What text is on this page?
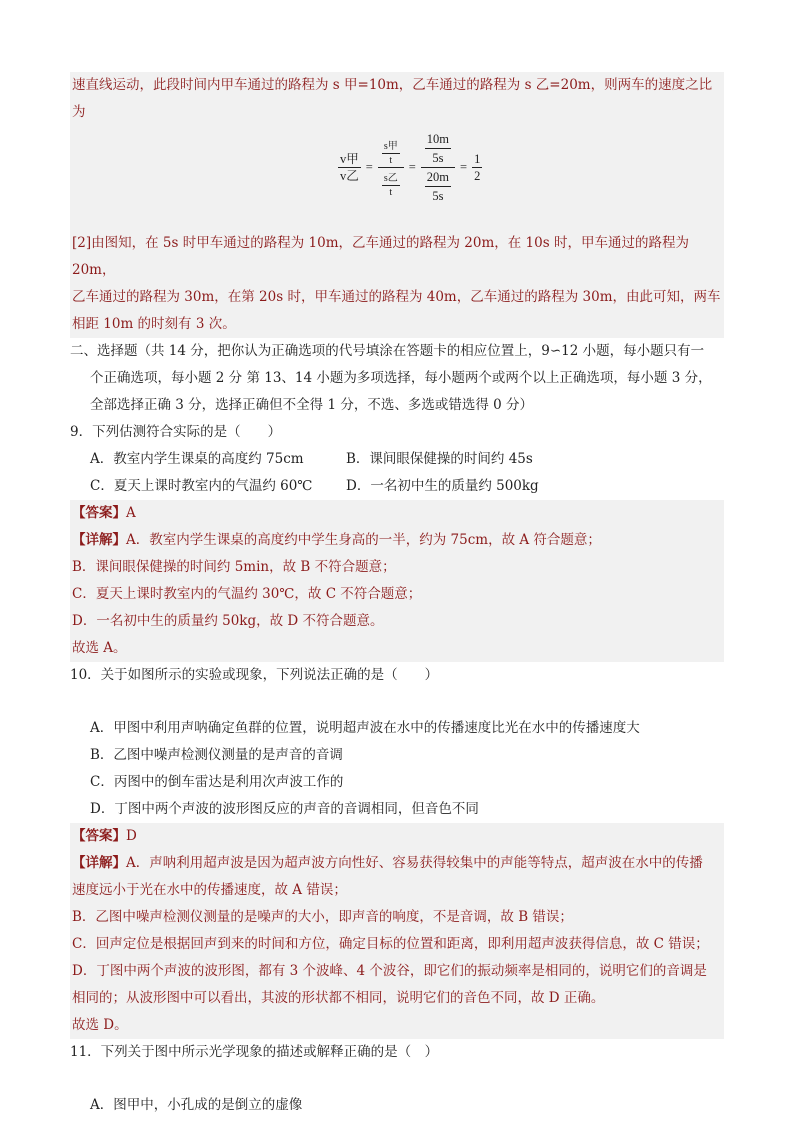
速直线运动，此段时间内甲车通过的路程为 s 甲=10m，乙车通过的路程为 s 乙=20m，则两车的速度之比为

$\frac{\text{v甲}}{\text{v乙}} = \frac{\frac{\text{s甲}}{t}}{\frac{\text{s乙}}{t}} = \frac{\frac{10m}{5s}}{\frac{20m}{5s}} = \frac{1}{2}$

[2]由图知，在 5s 时甲车通过的路程为 10m，乙车通过的路程为 20m，在 10s 时，甲车通过的路程为 20m，

乙车通过的路程为 30m，在第 20s 时，甲车通过的路程为 40m，乙车通过的路程为 30m，由此可知，两车

相距 10m 的时刻有 3 次。

二、选择题（共 14 分，把你认为正确选项的代号填涂在答题卡的相应位置上，9∽12 小题，每小题只有一

个正确选项，每小题 2 分 第 13、14 小题为多项选择，每小题两个或两个以上正确选项，每小题 3 分，

全部选择正确 3 分，选择正确但不全得 1 分，不选、多选或错选得 0 分）

9．下列估测符合实际的是（　　）

A．教室内学生课桌的高度约 75cm	B．课间眼保健操的时间约 45s
C．夏天上课时教室内的气温约 60℃	D．一名初中生的质量约 500kg

【答案】A

【详解】A．教室内学生课桌的高度约中学生身高的一半，约为 75cm，故 A 符合题意；

B．课间眼保健操的时间约 5min，故 B 不符合题意；

C．夏天上课时教室内的气温约 30℃，故 C 不符合题意；

D．一名初中生的质量约 50kg，故 D 不符合题意。

故选 A。

10．关于如图所示的实验或现象，下列说法正确的是（　　）

A．甲图中利用声呐确定鱼群的位置，说明超声波在水中的传播速度比光在水中的传播速度大
B．乙图中噪声检测仪测量的是声音的音调
C．丙图中的倒车雷达是利用次声波工作的
D．丁图中两个声波的波形图反应的声音的音调相同，但音色不同

【答案】D

【详解】A．声呐利用超声波是因为超声波方向性好、容易获得较集中的声能等特点，超声波在水中的传播

速度远小于光在水中的传播速度，故 A 错误；

B．乙图中噪声检测仪测量的是噪声的大小，即声音的响度，不是音调，故 B 错误；

C．回声定位是根据回声到来的时间和方位，确定目标的位置和距离，即利用超声波获得信息，故 C 错误；

D．丁图中两个声波的波形图，都有 3 个波峰、4 个波谷，即它们的振动频率是相同的，说明它们的音调是

相同的；从波形图中可以看出，其波的形状都不相同，说明它们的音色不同，故 D 正确。

故选 D。

11．下列关于图中所示光学现象的描述或解释正确的是（　）

A．图甲中，小孔成的是倒立的虚像
